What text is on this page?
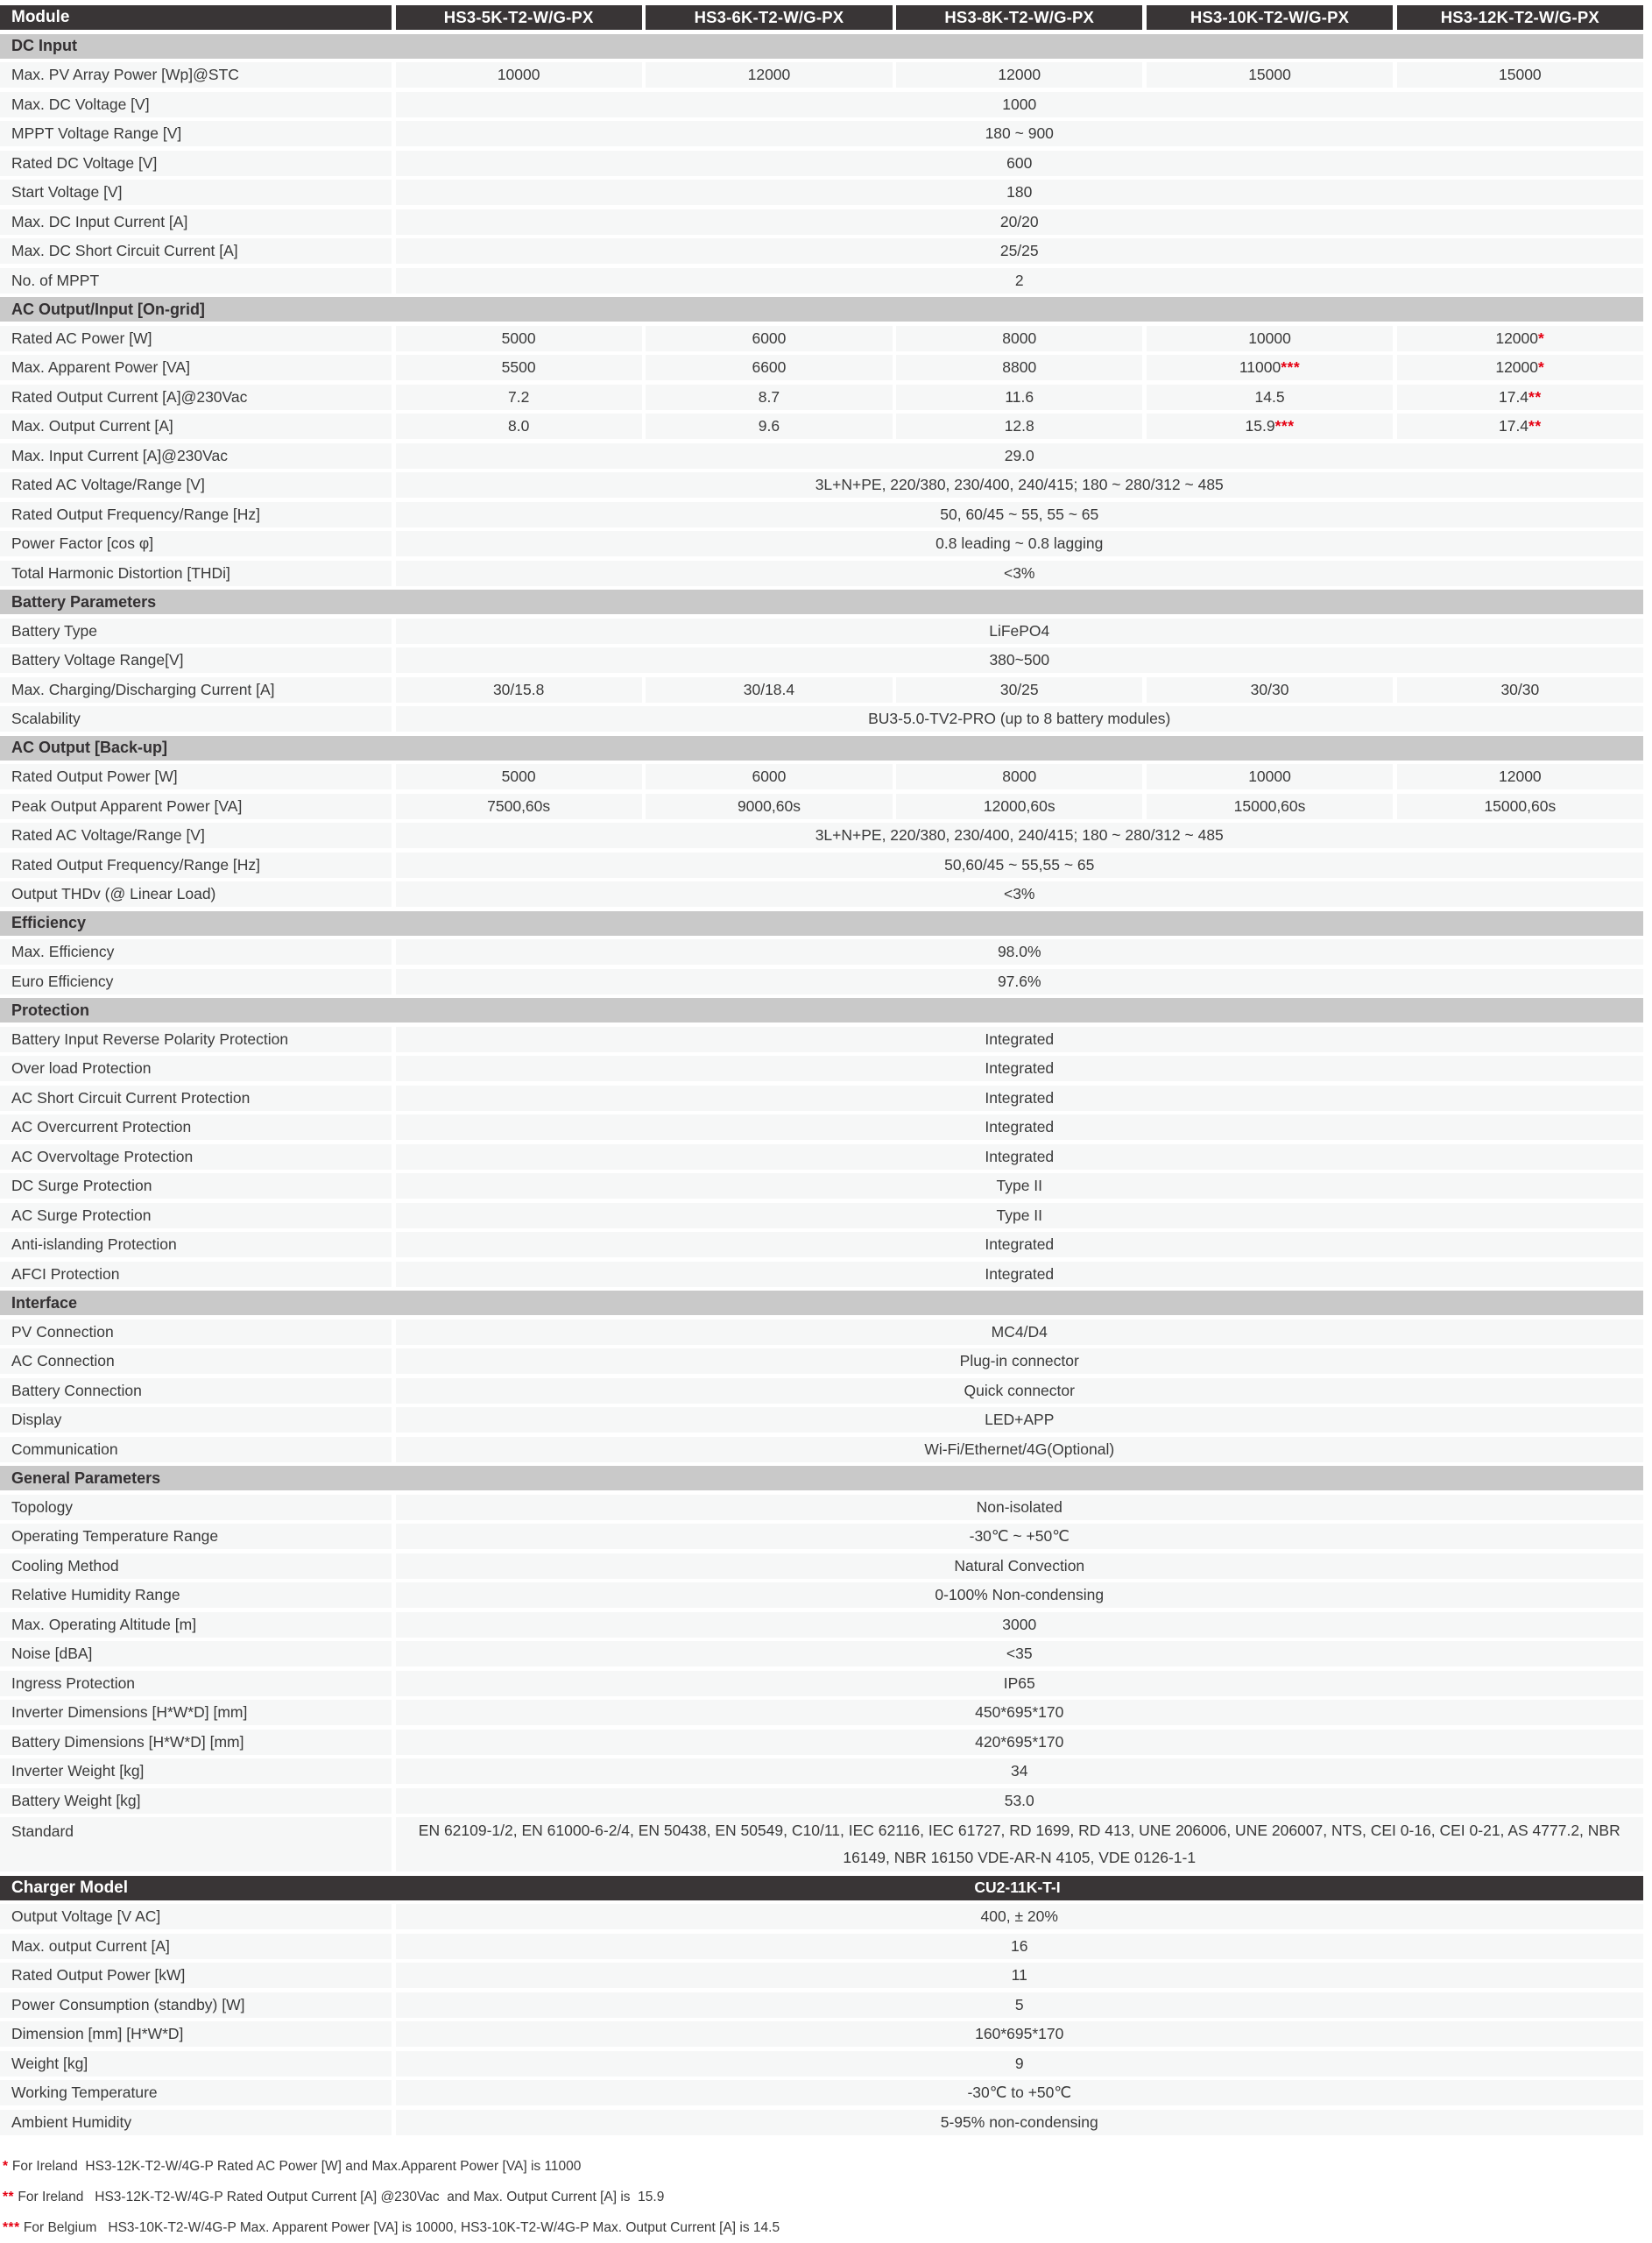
Module	HS3-5K-T2-W/G-PX	HS3-6K-T2-W/G-PX	HS3-8K-T2-W/G-PX	HS3-10K-T2-W/G-PX	HS3-12K-T2-W/G-PX
DC Input
Max. PV Array Power [Wp]@STC	10000	12000	12000	15000	15000
Max. DC Voltage [V]	1000
MPPT Voltage Range [V]	180 ~ 900
Rated DC Voltage [V]	600
Start Voltage [V]	180
Max. DC Input Current [A]	20/20
Max. DC Short Circuit Current [A]	25/25
No. of MPPT	2
AC Output/Input [On-grid]
Rated AC Power [W]	5000	6000	8000	10000	12000 *
Max. Apparent Power [VA]	5500	6600	8800	11000 ***	12000 *
Rated Output Current [A]@230Vac	7.2	8.7	11.6	14.5	17.4 **
Max. Output Current [A]	8.0	9.6	12.8	15.9 ***	17.4 **
Max. Input Current [A]@230Vac	29.0
Rated AC Voltage/Range [V]	3L+N+PE, 220/380, 230/400, 240/415; 180 ~ 280/312 ~ 485
Rated Output Frequency/Range [Hz]	50, 60/45 ~ 55, 55 ~ 65
Power Factor [cos φ]	0.8 leading ~ 0.8 lagging
Total Harmonic Distortion [THDi]	<3%
Battery Parameters
Battery Type	LiFePO4
Battery Voltage Range[V]	380~500
Max. Charging/Discharging Current [A]	30/15.8	30/18.4	30/25	30/30	30/30
Scalability	BU3-5.0-TV2-PRO (up to 8 battery modules)
AC Output [Back-up]
Rated Output Power [W]	5000	6000	8000	10000	12000
Peak Output Apparent Power [VA]	7500,60s	9000,60s	12000,60s	15000,60s	15000,60s
Rated AC Voltage/Range [V]	3L+N+PE, 220/380, 230/400, 240/415; 180 ~ 280/312 ~ 485
Rated Output Frequency/Range [Hz]	50,60/45 ~ 55,55 ~ 65
Output THDv (@ Linear Load)	<3%
Efficiency
Max. Efficiency	98.0%
Euro Efficiency	97.6%
Protection
Battery Input Reverse Polarity Protection	Integrated
Over load Protection	Integrated
AC Short Circuit Current Protection	Integrated
AC Overcurrent Protection	Integrated
AC Overvoltage Protection	Integrated
DC Surge Protection	Type II
AC Surge Protection	Type II
Anti-islanding Protection	Integrated
AFCI Protection	Integrated
Interface
PV Connection	MC4/D4
AC Connection	Plug-in connector
Battery Connection	Quick connector
Display	LED+APP
Communication	Wi-Fi/Ethernet/4G(Optional)
General Parameters
Topology	Non-isolated
Operating Temperature Range	-30℃ ~ +50℃
Cooling Method	Natural Convection
Relative Humidity Range	0-100% Non-condensing
Max. Operating Altitude [m]	3000
Noise [dBA]	<35
Ingress Protection	IP65
Inverter Dimensions [H*W*D] [mm]	450*695*170
Battery Dimensions [H*W*D] [mm]	420*695*170
Inverter Weight [kg]	34
Battery Weight [kg]	53.0
Standard	EN 62109-1/2, EN 61000-6-2/4, EN 50438, EN 50549, C10/11, IEC 62116, IEC 61727, RD 1699, RD 413, UNE 206006, UNE 206007, NTS, CEI 0-16, CEI 0-21, AS 4777.2, NBR 16149, NBR 16150 VDE-AR-N 4105, VDE 0126-1-1
Charger Model	CU2-11K-T-I
Output Voltage [V AC]	400, ± 20%
Max. output Current [A]	16
Rated Output Power [kW]	11
Power Consumption (standby) [W]	5
Dimension [mm] [H*W*D]	160*695*170
Weight [kg]	9
Working Temperature	-30℃ to +50℃
Ambient Humidity	5-95% non-condensing
* For Ireland  HS3-12K-T2-W/4G-P Rated AC Power [W] and Max.Apparent Power [VA] is 11000
** For Ireland   HS3-12K-T2-W/4G-P Rated Output Current [A] @230Vac  and Max. Output Current [A] is  15.9
*** For Belgium   HS3-10K-T2-W/4G-P Max. Apparent Power [VA] is 10000, HS3-10K-T2-W/4G-P Max. Output Current [A] is 14.5
